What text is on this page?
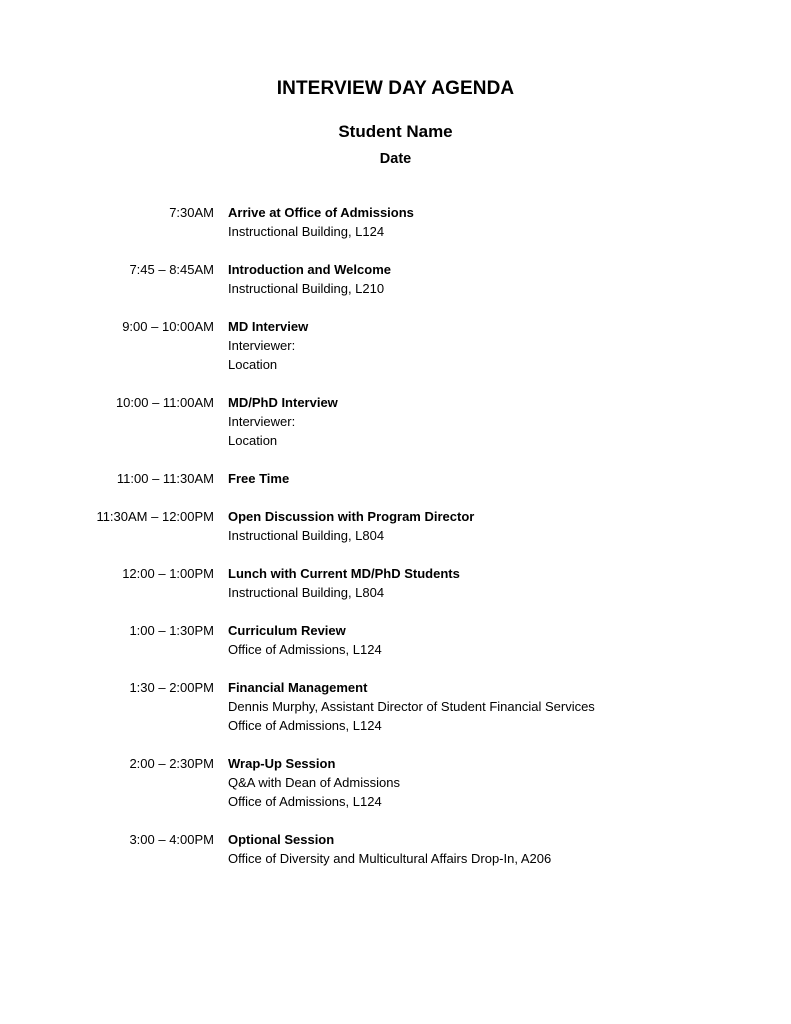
INTERVIEW DAY AGENDA
Student Name
Date
7:30AM Arrive at Office of Admissions
Instructional Building, L124
7:45 – 8:45AM Introduction and Welcome
Instructional Building, L210
9:00 – 10:00AM MD Interview
Interviewer:
Location
10:00 – 11:00AM MD/PhD Interview
Interviewer:
Location
11:00 – 11:30AM Free Time
11:30AM – 12:00PM Open Discussion with Program Director
Instructional Building, L804
12:00 – 1:00PM Lunch with Current MD/PhD Students
Instructional Building, L804
1:00 – 1:30PM Curriculum Review
Office of Admissions, L124
1:30 – 2:00PM Financial Management
Dennis Murphy, Assistant Director of Student Financial Services
Office of Admissions, L124
2:00 – 2:30PM Wrap-Up Session
Q&A with Dean of Admissions
Office of Admissions, L124
3:00 – 4:00PM Optional Session
Office of Diversity and Multicultural Affairs Drop-In, A206
